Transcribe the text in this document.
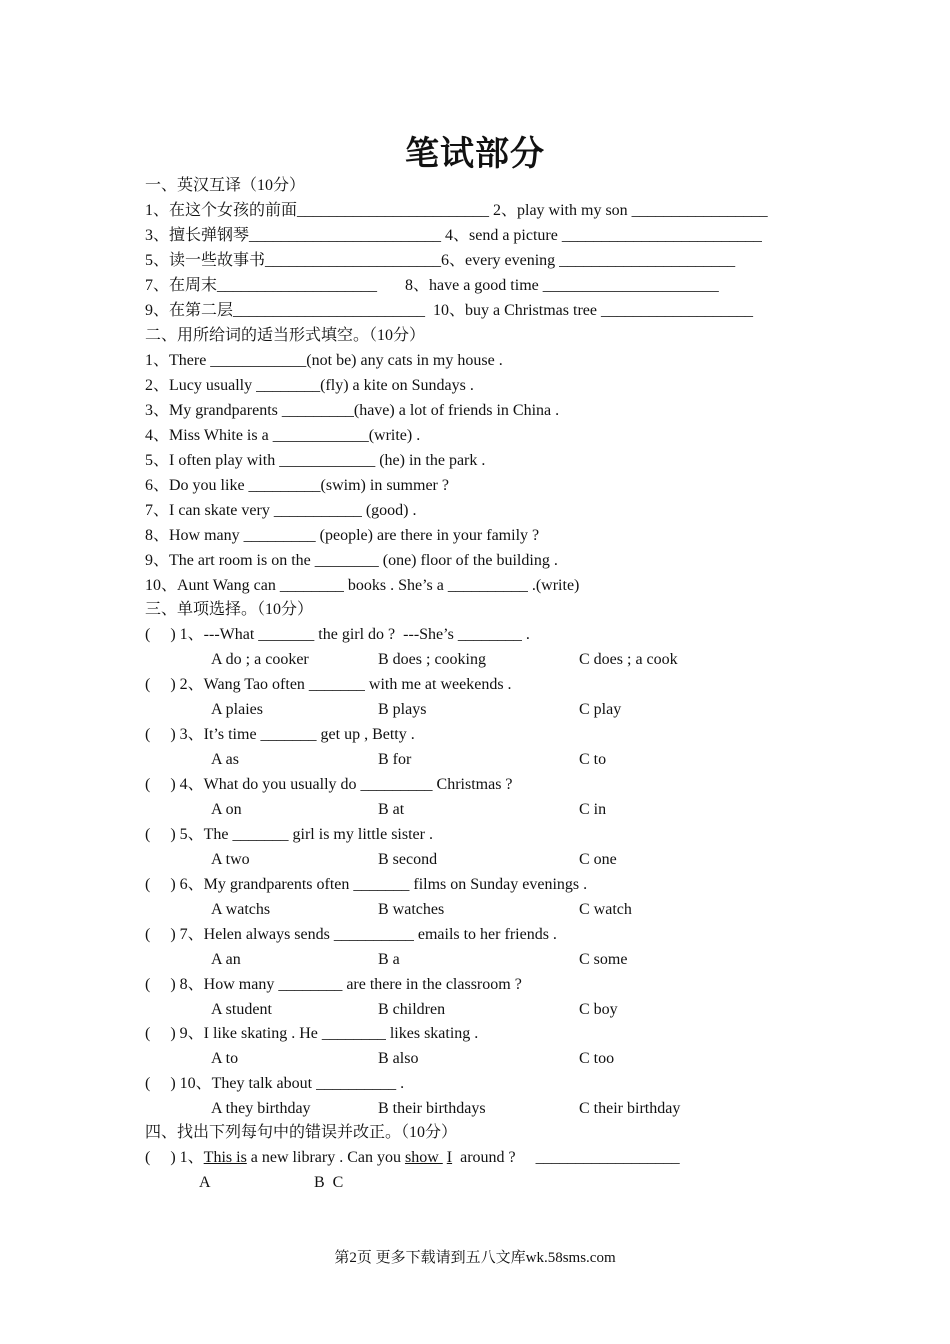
笔试部分
一、英汉互译（10分）
1、在这个女孩的前面________________________ 2、play with my son _________________
3、擅长弹钢琴________________________ 4、send a picture _________________________
5、读一些故事书______________________6、every evening ______________________
7、在周末____________________       8、have a good time ______________________
9、在第二层________________________  10、buy a Christmas tree ___________________
二、用所给词的适当形式填空。（10分）
1、There ____________(not be) any cats in my house .
2、Lucy usually ________(fly) a kite on Sundays .
3、My grandparents _________(have) a lot of friends in China .
4、Miss White is a ____________(write) .
5、I often play with ____________ (he) in the park .
6、Do you like _________(swim) in summer ?
7、I can skate very ___________ (good) .
8、How many _________ (people) are there in your family ?
9、The art room is on the ________ (one) floor of the building .
10、Aunt Wang can ________ books . She’s a __________ .(write)
三、单项选择。（10分）
(     ) 1、---What _______ the girl do ?  ---She’s ________ .
A do ; a cooker	B does ; cooking	C does ; a cook
(     ) 2、Wang Tao often _______ with me at weekends .
A plaies	B plays	C play
(     ) 3、It’s time _______ get up , Betty .
A as	B for	C to
(     ) 4、What do you usually do _________ Christmas ?
A on	B at	C in
(     ) 5、The _______ girl is my little sister .
A two	B second	C one
(     ) 6、My grandparents often _______ films on Sunday evenings .
A watchs	B watches	C watch
(     ) 7、Helen always sends __________ emails to her friends .
A an	B a	C some
(     ) 8、How many ________ are there in the classroom ?
A student	B children	C boy
(     ) 9、I like skating . He ________ likes skating .
A to	B also	C too
(     ) 10、They talk about __________ .
A they birthday	B their birthdays	C their birthday
四、找出下列每句中的错误并改正。（10分）
(     ) 1、This is a new library . Can you show  I  around ?     __________________
A	B  C
第2页 更多下载请到五八文库wk.58sms.com
